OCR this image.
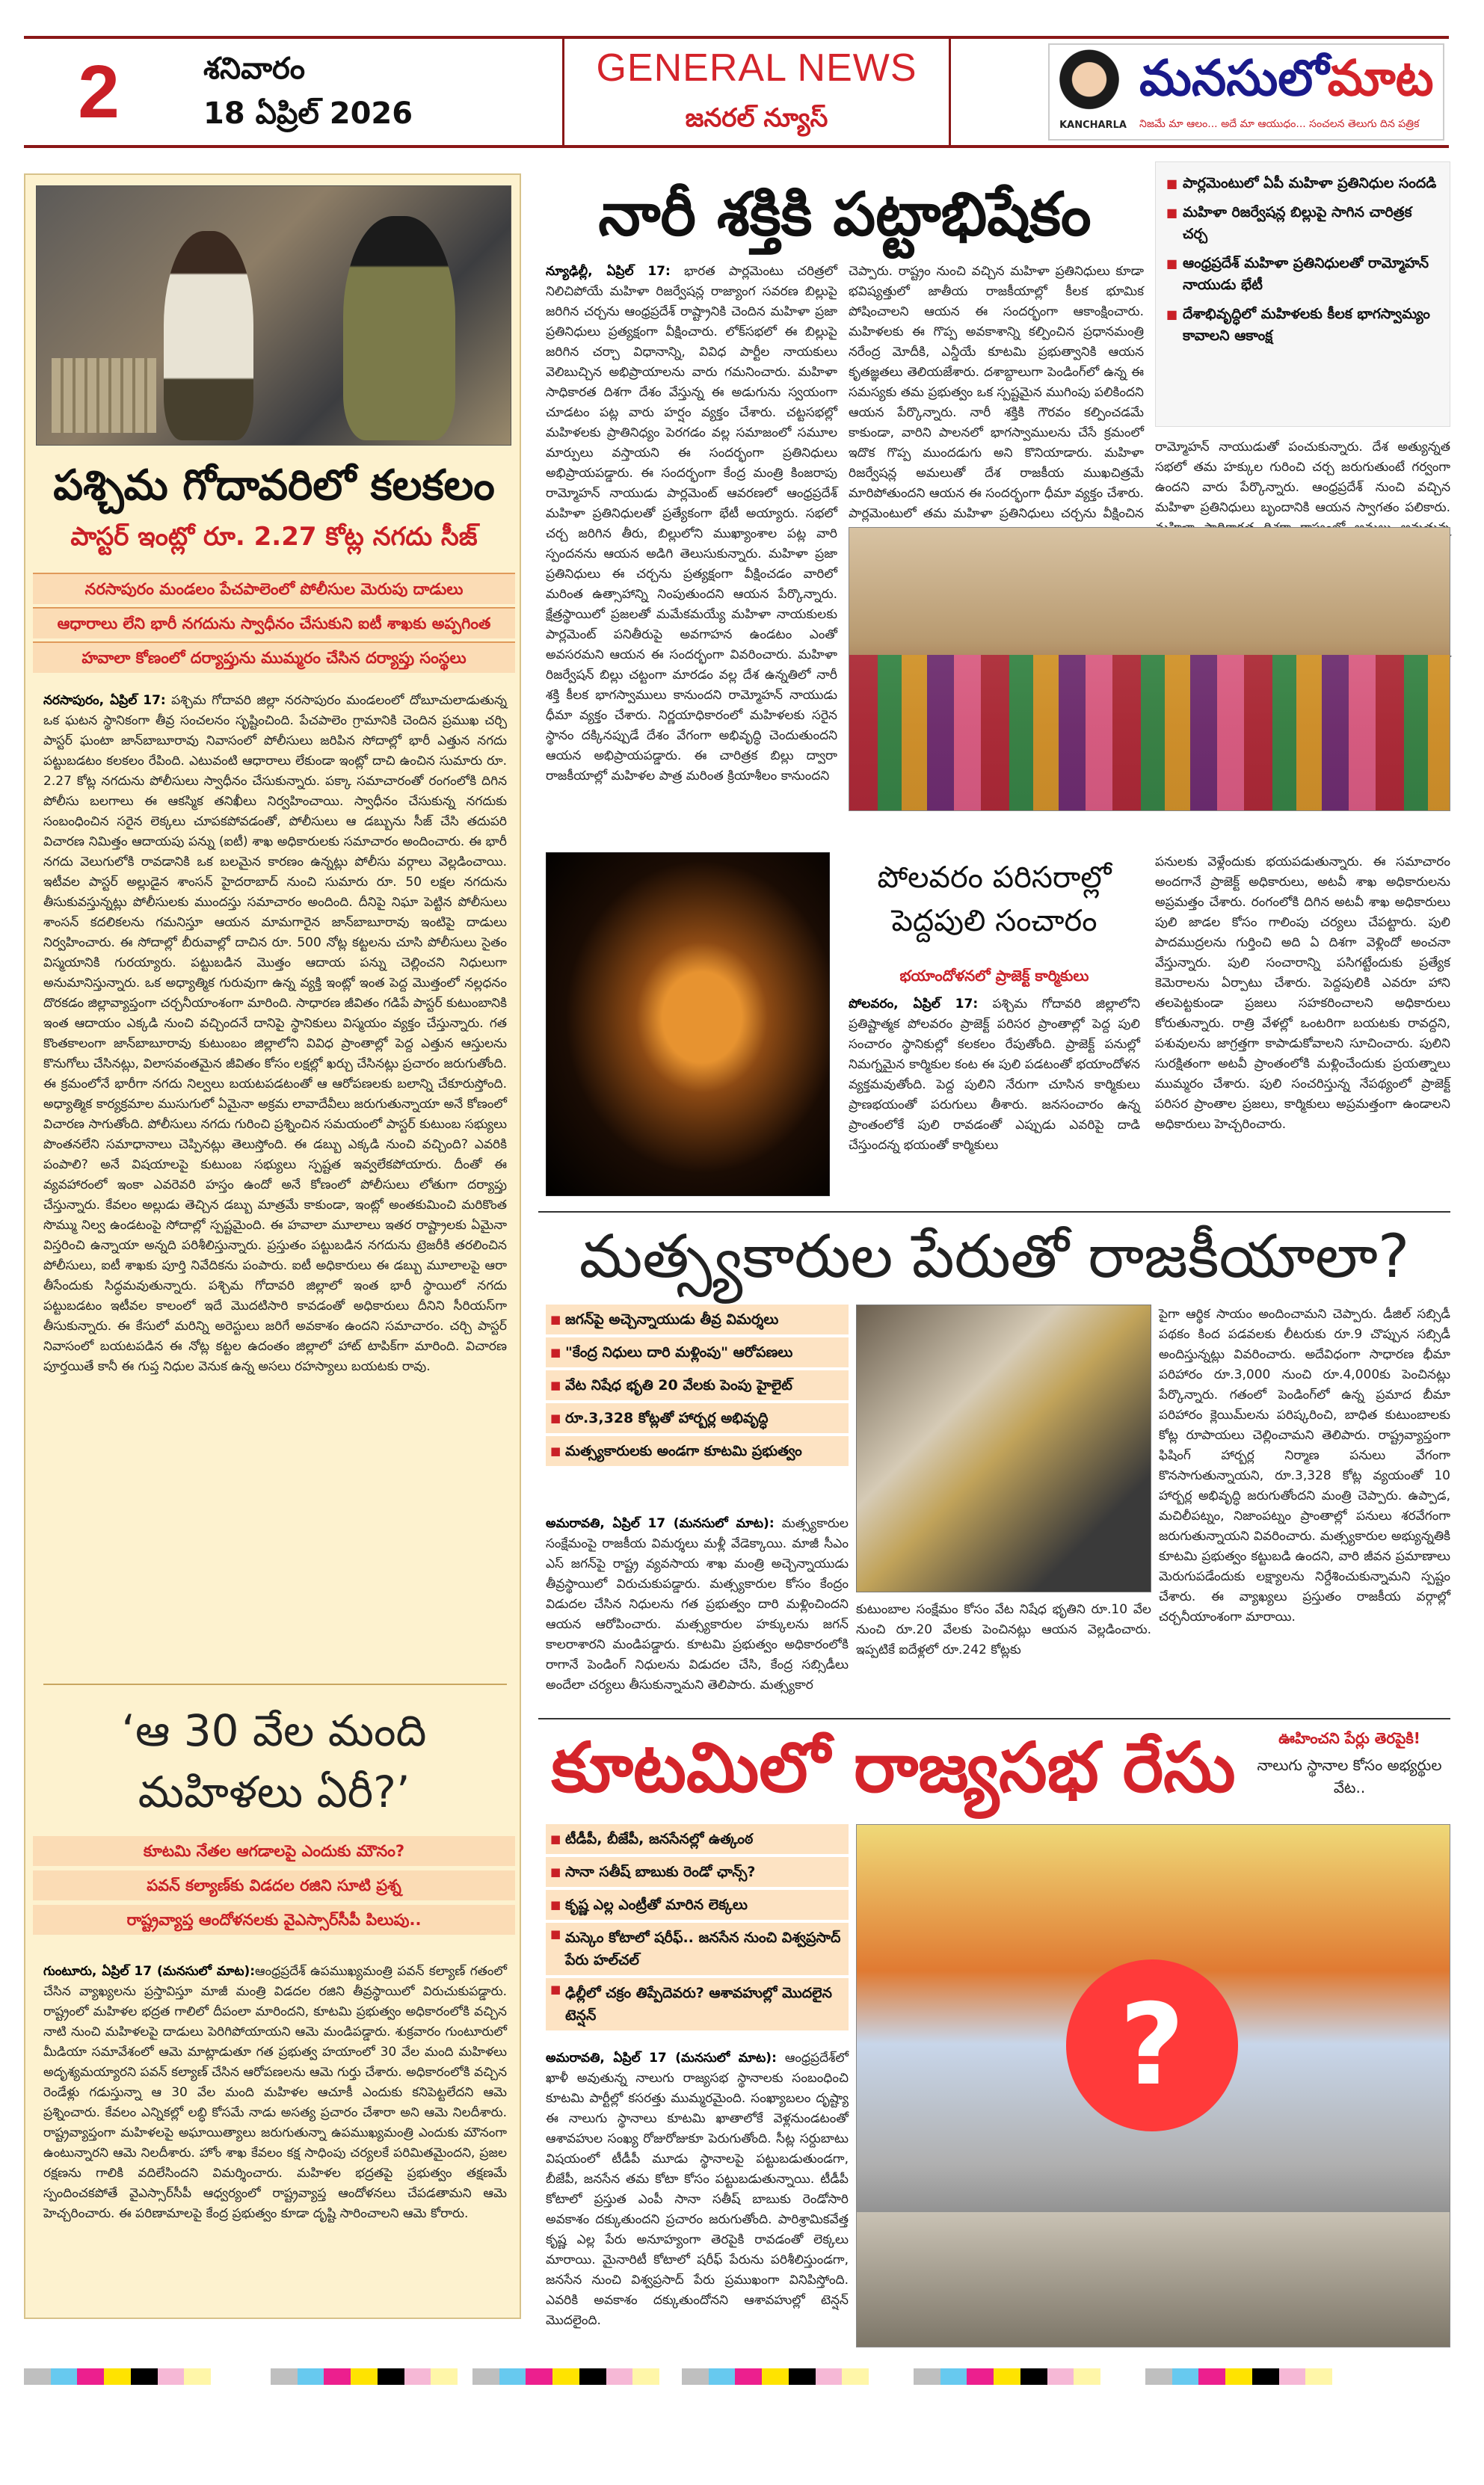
2	శనివారం
18 ఏప్రిల్ 2026
GENERAL NEWS
జనరల్ న్యూస్	KANCHARLA
మనసులోమాట
నిజమే మా ఆలం... అదే మా ఆయుధం... సంచలన తెలుగు దిన పత్రిక
పశ్చిమ గోదావరిలో కలకలం
పాస్టర్ ఇంట్లో రూ. 2.27 కోట్ల నగదు సీజ్
నరసాపురం మండలం పేచపాలెంలో పోలీసుల మెరుపు దాడులు
ఆధారాలు లేని భారీ నగదును స్వాధీనం చేసుకుని ఐటీ శాఖకు అప్పగింత
హవాలా కోణంలో దర్యాప్తును ముమ్మరం చేసిన దర్యాప్తు సంస్థలు
నరసాపురం, ఏప్రిల్ 17: పశ్చిమ గోదావరి జిల్లా నరసాపురం మండలంలో దోబూచులాడుతున్న ఒక ఘటన స్థానికంగా తీవ్ర సంచలనం సృష్టించింది. పేచపాలెం గ్రామానికి చెందిన ప్రముఖ చర్చి పాస్టర్ ఘంటా జాన్‌బాబూరావు నివాసంలో పోలీసులు జరిపిన సోదాల్లో భారీ ఎత్తున నగదు పట్టుబడటం కలకలం రేపింది. ఎటువంటి ఆధారాలు లేకుండా ఇంట్లో దాచి ఉంచిన సుమారు రూ. 2.27 కోట్ల నగదును పోలీసులు స్వాధీనం చేసుకున్నారు. పక్కా సమాచారంతో రంగంలోకి దిగిన పోలీసు బలగాలు ఈ ఆకస్మిక తనిఖీలు నిర్వహించాయి. స్వాధీనం చేసుకున్న నగదుకు సంబంధించిన సరైన లెక్కలు చూపకపోవడంతో, పోలీసులు ఆ డబ్బును సీజ్ చేసి తదుపరి విచారణ నిమిత్తం ఆదాయపు పన్ను (ఐటీ) శాఖ అధికారులకు సమాచారం అందించారు. ఈ భారీ నగదు వెలుగులోకి రావడానికి ఒక బలమైన కారణం ఉన్నట్లు పోలీసు వర్గాలు వెల్లడించాయి. ఇటీవల పాస్టర్ అల్లుడైన శాంసన్ హైదరాబాద్ నుంచి సుమారు రూ. 50 లక్షల నగదును తీసుకువస్తున్నట్లు పోలీసులకు ముందస్తు సమాచారం అందింది. దీనిపై నిఘా పెట్టిన పోలీసులు శాంసన్ కదలికలను గమనిస్తూ ఆయన మామగారైన జాన్‌బాబూరావు ఇంటిపై దాడులు నిర్వహించారు. ఈ సోదాల్లో బీరువాల్లో దాచిన రూ. 500 నోట్ల కట్టలను చూసి పోలీసులు సైతం విస్మయానికి గురయ్యారు. పట్టుబడిన మొత్తం ఆదాయ పన్ను చెల్లించని నిధులుగా అనుమానిస్తున్నారు. ఒక అధ్యాత్మిక గురువుగా ఉన్న వ్యక్తి ఇంట్లో ఇంత పెద్ద మొత్తంలో నల్లధనం దొరకడం జిల్లావ్యాప్తంగా చర్చనీయాంశంగా మారింది. సాధారణ జీవితం గడిపే పాస్టర్ కుటుంబానికి ఇంత ఆదాయం ఎక్కడి నుంచి వచ్చిందనే దానిపై స్థానికులు విస్మయం వ్యక్తం చేస్తున్నారు. గత కొంతకాలంగా జాన్‌బాబూరావు కుటుంబం జిల్లాలోని వివిధ ప్రాంతాల్లో పెద్ద ఎత్తున ఆస్తులను కొనుగోలు చేసినట్లు, విలాసవంతమైన జీవితం కోసం లక్షల్లో ఖర్చు చేసినట్లు ప్రచారం జరుగుతోంది. ఈ క్రమంలోనే భారీగా నగదు నిల్వలు బయటపడటంతో ఆ ఆరోపణలకు బలాన్ని చేకూరుస్తోంది. అధ్యాత్మిక కార్యక్రమాల ముసుగులో ఏమైనా అక్రమ లావాదేవీలు జరుగుతున్నాయా అనే కోణంలో విచారణ సాగుతోంది. పోలీసులు నగదు గురించి ప్రశ్నించిన సమయంలో పాస్టర్ కుటుంబ సభ్యులు పొంతనలేని సమాధానాలు చెప్పినట్లు తెలుస్తోంది. ఈ డబ్బు ఎక్కడి నుంచి వచ్చింది? ఎవరికి పంపాలి? అనే విషయాలపై కుటుంబ సభ్యులు స్పష్టత ఇవ్వలేకపోయారు. దీంతో ఈ వ్యవహారంలో ఇంకా ఎవరెవరి హస్తం ఉందో అనే కోణంలో పోలీసులు లోతుగా దర్యాప్తు చేస్తున్నారు. కేవలం అల్లుడు తెచ్చిన డబ్బు మాత్రమే కాకుండా, ఇంట్లో అంతకుమించి మరికొంత సొమ్ము నిల్వ ఉండటంపై సోదాల్లో స్పష్టమైంది. ఈ హవాలా మూలాలు ఇతర రాష్ట్రాలకు ఏమైనా విస్తరించి ఉన్నాయా అన్నది పరిశీలిస్తున్నారు. ప్రస్తుతం పట్టుబడిన నగదును ట్రెజరీకి తరలించిన పోలీసులు, ఐటీ శాఖకు పూర్తి నివేదికను పంపారు. ఐటీ అధికారులు ఈ డబ్బు మూలాలపై ఆరా తీసేందుకు సిద్ధమవుతున్నారు. పశ్చిమ గోదావరి జిల్లాలో ఇంత భారీ స్థాయిలో నగదు పట్టుబడటం ఇటీవల కాలంలో ఇదే మొదటిసారి కావడంతో అధికారులు దీనిని సీరియస్‌గా తీసుకున్నారు. ఈ కేసులో మరిన్ని అరెస్టులు జరిగే అవకాశం ఉందని సమాచారం. చర్చి పాస్టర్ నివాసంలో బయటపడిన ఈ నోట్ల కట్టల ఉదంతం జిల్లాలో హాట్ టాపిక్‌గా మారింది. విచారణ పూర్తయితే కానీ ఈ గుప్త నిధుల వెనుక ఉన్న అసలు రహస్యాలు బయటకు రావు.
‘ఆ 30 వేల మంది మహిళలు ఏరీ?’
కూటమి నేతల ఆగడాలపై ఎందుకు మౌనం?
పవన్ కల్యాణ్‌కు విడదల రజిని సూటి ప్రశ్న
రాష్ట్రవ్యాప్త ఆందోళనలకు వైఎస్సార్‌సీపీ పిలుపు..
గుంటూరు, ఏప్రిల్ 17 (మనసులో మాట):ఆంధ్రప్రదేశ్ ఉపముఖ్యమంత్రి పవన్ కల్యాణ్ గతంలో చేసిన వ్యాఖ్యలను ప్రస్తావిస్తూ మాజీ మంత్రి విడదల రజిని తీవ్రస్థాయిలో విరుచుకుపడ్డారు. రాష్ట్రంలో మహిళల భద్రత గాలిలో దీపంలా మారిందని, కూటమి ప్రభుత్వం అధికారంలోకి వచ్చిన నాటి నుంచి మహిళలపై దాడులు పెరిగిపోయాయని ఆమె మండిపడ్డారు. శుక్రవారం గుంటూరులో మీడియా సమావేశంలో ఆమె మాట్లాడుతూ గత ప్రభుత్వ హయాంలో 30 వేల మంది మహిళలు అదృశ్యమయ్యారని పవన్ కల్యాణ్ చేసిన ఆరోపణలను ఆమె గుర్తు చేశారు. అధికారంలోకి వచ్చిన రెండేళ్లు గడుస్తున్నా ఆ 30 వేల మంది మహిళల ఆచూకీ ఎందుకు కనిపెట్టలేదని ఆమె ప్రశ్నించారు. కేవలం ఎన్నికల్లో లబ్ధి కోసమే నాడు అసత్య ప్రచారం చేశారా అని ఆమె నిలదీశారు. రాష్ట్రవ్యాప్తంగా మహిళలపై అఘాయిత్యాలు జరుగుతున్నా ఉపముఖ్యమంత్రి ఎందుకు మౌనంగా ఉంటున్నారని ఆమె నిలదీశారు. హోం శాఖ కేవలం కక్ష సాధింపు చర్యలకే పరిమితమైందని, ప్రజల రక్షణను గాలికి వదిలేసిందని విమర్శించారు. మహిళల భద్రతపై ప్రభుత్వం తక్షణమే స్పందించకపోతే వైఎస్సార్‌సీపీ ఆధ్వర్యంలో రాష్ట్రవ్యాప్త ఆందోళనలు చేపడతామని ఆమె హెచ్చరించారు. ఈ పరిణామాలపై కేంద్ర ప్రభుత్వం కూడా దృష్టి సారించాలని ఆమె కోరారు.
నారీ శక్తికి పట్టాభిషేకం
■	పార్లమెంటులో ఏపీ మహిళా ప్రతినిధుల సందడి
■ మహిళా రిజర్వేషన్ల బిల్లుపై సాగిన చారిత్రక చర్చ
■ ఆంధ్రప్రదేశ్ మహిళా ప్రతినిధులతో రామ్మోహన్ నాయుడు భేటీ
■ దేశాభివృద్ధిలో మహిళలకు కీలక భాగస్వామ్యం కావాలని ఆకాంక్ష
న్యూఢిల్లీ, ఏప్రిల్ 17: భారత పార్లమెంటు చరిత్రలో నిలిచిపోయే మహిళా రిజర్వేషన్ల రాజ్యాంగ సవరణ బిల్లుపై జరిగిన చర్చను ఆంధ్రప్రదేశ్ రాష్ట్రానికి చెందిన మహిళా ప్రజా ప్రతినిధులు ప్రత్యక్షంగా వీక్షించారు. లోక్‌సభలో ఈ బిల్లుపై జరిగిన చర్చా విధానాన్ని, వివిధ పార్టీల నాయకులు వెలిబుచ్చిన అభిప్రాయాలను వారు గమనించారు. మహిళా సాధికారత దిశగా దేశం వేస్తున్న ఈ అడుగును స్వయంగా చూడటం పట్ల వారు హర్షం వ్యక్తం చేశారు. చట్టసభల్లో మహిళలకు ప్రాతినిధ్యం పెరగడం వల్ల సమాజంలో సమూల మార్పులు వస్తాయని ఈ సందర్భంగా ప్రతినిధులు అభిప్రాయపడ్డారు. ఈ సందర్భంగా కేంద్ర మంత్రి కింజరాపు రామ్మోహన్ నాయుడు పార్లమెంట్ ఆవరణలో ఆంధ్రప్రదేశ్ మహిళా ప్రతినిధులతో ప్రత్యేకంగా భేటీ అయ్యారు. సభలో చర్చ జరిగిన తీరు, బిల్లులోని ముఖ్యాంశాల పట్ల వారి స్పందనను ఆయన అడిగి తెలుసుకున్నారు. మహిళా ప్రజా ప్రతినిధులు ఈ చర్చను ప్రత్యక్షంగా వీక్షించడం వారిలో మరింత ఉత్సాహాన్ని నింపుతుందని ఆయన పేర్కొన్నారు. క్షేత్రస్థాయిలో ప్రజలతో మమేకమయ్యే మహిళా నాయకులకు పార్లమెంట్ పనితీరుపై అవగాహన ఉండటం ఎంతో అవసరమని ఆయన ఈ సందర్భంగా వివరించారు. మహిళా రిజర్వేషన్ బిల్లు చట్టంగా మారడం వల్ల దేశ ఉన్నతిలో నారీ శక్తి కీలక భాగస్వాములు కానుందని రామ్మోహన్ నాయుడు ధీమా వ్యక్తం చేశారు. నిర్ణయాధికారంలో మహిళలకు సరైన స్థానం దక్కినప్పుడే దేశం వేగంగా అభివృద్ధి చెందుతుందని ఆయన అభిప్రాయపడ్డారు. ఈ చారిత్రక బిల్లు ద్వారా రాజకీయాల్లో మహిళల పాత్ర మరింత క్రియాశీలం కానుందని
చెప్పారు. రాష్ట్రం నుంచి వచ్చిన మహిళా ప్రతినిధులు కూడా భవిష్యత్తులో జాతీయ రాజకీయాల్లో కీలక భూమిక పోషించాలని ఆయన ఈ సందర్భంగా ఆకాంక్షించారు. మహిళలకు ఈ గొప్ప అవకాశాన్ని కల్పించిన ప్రధానమంత్రి నరేంద్ర మోదీకి, ఎన్డీయే కూటమి ప్రభుత్వానికి ఆయన కృతజ్ఞతలు తెలియజేశారు. దశాబ్దాలుగా పెండింగ్‌లో ఉన్న ఈ సమస్యకు తమ ప్రభుత్వం ఒక స్పష్టమైన ముగింపు పలికిందని ఆయన పేర్కొన్నారు. నారీ శక్తికి గౌరవం కల్పించడమే కాకుండా, వారిని పాలనలో భాగస్వాములను చేసే క్రమంలో ఇదొక గొప్ప ముందడుగు అని కొనియాడారు. మహిళా రిజర్వేషన్ల అమలుతో దేశ రాజకీయ ముఖచిత్రమే మారిపోతుందని ఆయన ఈ సందర్భంగా ధీమా వ్యక్తం చేశారు. పార్లమెంటులో తమ మహిళా ప్రతినిధులు చర్చను వీక్షించిన
రామ్మోహన్ నాయుడుతో పంచుకున్నారు. దేశ అత్యున్నత సభలో తమ హక్కుల గురించి చర్చ జరుగుతుంటే గర్వంగా ఉందని వారు పేర్కొన్నారు. ఆంధ్రప్రదేశ్ నుంచి వచ్చిన మహిళా ప్రతినిధులు బృందానికి ఆయన స్వాగతం పలికారు.
పోలవరం పరిసరాల్లో పెద్దపులి సంచారం
భయాందోళనలో ప్రాజెక్ట్ కార్మికులు
పోలవరం, ఏప్రిల్ 17: పశ్చిమ గోదావరి జిల్లాలోని ప్రతిష్టాత్మక పోలవరం ప్రాజెక్ట్ పరిసర ప్రాంతాల్లో పెద్ద పులి సంచారం స్థానికుల్లో కలకలం రేపుతోంది. ప్రాజెక్ట్ పనుల్లో నిమగ్నమైన కార్మికుల కంట ఈ పులి పడటంతో భయాందోళన వ్యక్తమవుతోంది. పెద్ద పులిని నేరుగా చూసిన కార్మికులు ప్రాణభయంతో పరుగులు తీశారు. జనసంచారం ఉన్న ప్రాంతంలోకే పులి రావడంతో ఎప్పుడు ఎవరిపై దాడి చేస్తుందన్న భయంతో కార్మికులు
పనులకు వెళ్లేందుకు భయపడుతున్నారు. ఈ సమాచారం అందగానే ప్రాజెక్ట్ అధికారులు, అటవీ శాఖ అధికారులను అప్రమత్తం చేశారు. రంగంలోకి దిగిన అటవీ శాఖ అధికారులు పులి జాడల కోసం గాలింపు చర్యలు చేపట్టారు. పులి పాదముద్రలను గుర్తించి అది ఏ దిశగా వెళ్లిందో అంచనా వేస్తున్నారు. పులి సంచారాన్ని పసిగట్టేందుకు ప్రత్యేక కెమెరాలను ఏర్పాటు చేశారు. పెద్దపులికి ఎవరూ హాని తలపెట్టకుండా ప్రజలు సహకరించాలని అధికారులు కోరుతున్నారు. రాత్రి వేళల్లో ఒంటరిగా బయటకు రావద్దని, పశువులను జాగ్రత్తగా కాపాడుకోవాలని సూచించారు. పులిని సురక్షితంగా అటవీ ప్రాంతంలోకి మళ్లించేందుకు ప్రయత్నాలు ముమ్మరం చేశారు. పులి సంచరిస్తున్న నేపథ్యంలో ప్రాజెక్ట్ పరిసర ప్రాంతాల ప్రజలు, కార్మికులు అప్రమత్తంగా ఉండాలని అధికారులు హెచ్చరించారు.
మత్స్యకారుల పేరుతో రాజకీయాలా?
■ జగన్‌పై అచ్చెన్నాయుడు తీవ్ర విమర్శలు
■ "కేంద్ర నిధులు దారి మళ్లింపు" ఆరోపణలు
■ వేట నిషేధ భృతి 20 వేలకు పెంపు హైలైట్
■ రూ.3,328 కోట్లతో హార్బర్ల అభివృద్ధి
■ మత్స్యకారులకు అండగా కూటమి ప్రభుత్వం
అమరావతి, ఏప్రిల్ 17 (మనసులో మాట): మత్స్యకారుల సంక్షేమంపై రాజకీయ విమర్శలు మళ్లీ వేడెక్కాయి. మాజీ సీఎం ఎస్ జగన్‌పై రాష్ట్ర వ్యవసాయ శాఖ మంత్రి అచ్చెన్నాయుడు తీవ్రస్థాయిలో విరుచుకుపడ్డారు. మత్స్యకారుల కోసం కేంద్రం విడుదల చేసిన నిధులను గత ప్రభుత్వం దారి మళ్లించిందని ఆయన ఆరోపించారు. మత్స్యకారుల హక్కులను జగన్ కాలరాశారని మండిపడ్డారు. కూటమి ప్రభుత్వం అధికారంలోకి రాగానే పెండింగ్ నిధులను విడుదల చేసి, కేంద్ర సబ్సిడీలు అందేలా చర్యలు తీసుకున్నామని తెలిపారు. మత్స్యకార
కుటుంబాల సంక్షేమం కోసం వేట నిషేధ భృతిని రూ.10 వేల నుంచి రూ.20 వేలకు పెంచినట్లు ఆయన వెల్లడించారు. ఇప్పటికే ఐదేళ్లలో రూ.242 కోట్లకు
పైగా ఆర్థిక సాయం అందించామని చెప్పారు. డీజిల్ సబ్సిడీ పథకం కింద పడవలకు లీటరుకు రూ.9 చొప్పున సబ్సిడీ అందిస్తున్నట్లు వివరించారు. అదేవిధంగా సాధారణ భీమా పరిహారం రూ.3,000 నుంచి రూ.4,000కు పెంచినట్లు పేర్కొన్నారు. గతంలో పెండింగ్‌లో ఉన్న ప్రమాద బీమా పరిహారం క్లెయిమ్‌లను పరిష్కరించి, బాధిత కుటుంబాలకు కోట్ల రూపాయలు చెల్లించామని తెలిపారు. రాష్ట్రవ్యాప్తంగా ఫిషింగ్ హార్బర్ల నిర్మాణ పనులు వేగంగా కొనసాగుతున్నాయని, రూ.3,328 కోట్ల వ్యయంతో 10 హార్బర్ల అభివృద్ధి జరుగుతోందని మంత్రి చెప్పారు. ఉప్పాడ, మచిలీపట్నం, నిజాంపట్నం ప్రాంతాల్లో పనులు శరవేగంగా జరుగుతున్నాయని వివరించారు. మత్స్యకారుల అభ్యున్నతికి కూటమి ప్రభుత్వం కట్టుబడి ఉందని, వారి జీవన ప్రమాణాలు మెరుగుపడేందుకు లక్ష్యాలను నిర్దేశించుకున్నామని స్పష్టం చేశారు. ఈ వ్యాఖ్యలు ప్రస్తుతం రాజకీయ వర్గాల్లో చర్చనీయాంశంగా మారాయి.
కూటమిలో రాజ్యసభ రేసు	ఊహించని పేర్లు తెరపైకి!
నాలుగు స్థానాల కోసం అభ్యర్థుల వేట..
■ టీడీపీ, బీజేపీ, జనసేనల్లో ఉత్కంఠ
■ సానా సతీష్ బాబుకు రెండో ఛాన్స్?
■ కృష్ణ ఎల్ల ఎంట్రీతో మారిన లెక్కలు
■ మస్కెం కోటాలో షరీఫ్.. జనసేన నుంచి విశ్వప్రసాద్ పేరు హల్‌చల్
■ ఢిల్లీలో చక్రం తిప్పేదెవరు? ఆశావహుల్లో మొదలైన టెన్షన్	?
అమరావతి, ఏప్రిల్ 17 (మనసులో మాట): ఆంధ్రప్రదేశ్‌లో ఖాళీ అవుతున్న నాలుగు రాజ్యసభ స్థానాలకు సంబంధించి కూటమి పార్టీల్లో కసరత్తు ముమ్మరమైంది. సంఖ్యాబలం దృష్ట్యా ఈ నాలుగు స్థానాలు కూటమి ఖాతాలోకే వెళ్లనుండటంతో ఆశావహుల సంఖ్య రోజురోజుకూ పెరుగుతోంది. సీట్ల సర్దుబాటు విషయంలో టీడీపీ మూడు స్థానాలపై పట్టుబడుతుండగా, బీజేపీ, జనసేన తమ కోటా కోసం పట్టుబడుతున్నాయి. టీడీపీ కోటాలో ప్రస్తుత ఎంపీ సానా సతీష్ బాబుకు రెండోసారి అవకాశం దక్కుతుందని ప్రచారం జరుగుతోంది. పారిశ్రామికవేత్త కృష్ణ ఎల్ల పేరు అనూహ్యంగా తెరపైకి రావడంతో లెక్కలు మారాయి. మైనారిటీ కోటాలో షరీఫ్ పేరును పరిశీలిస్తుండగా, జనసేన నుంచి విశ్వప్రసాద్ పేరు ప్రముఖంగా వినిపిస్తోంది. ఎవరికి అవకాశం దక్కుతుందోనని ఆశావహుల్లో టెన్షన్ మొదలైంది.
